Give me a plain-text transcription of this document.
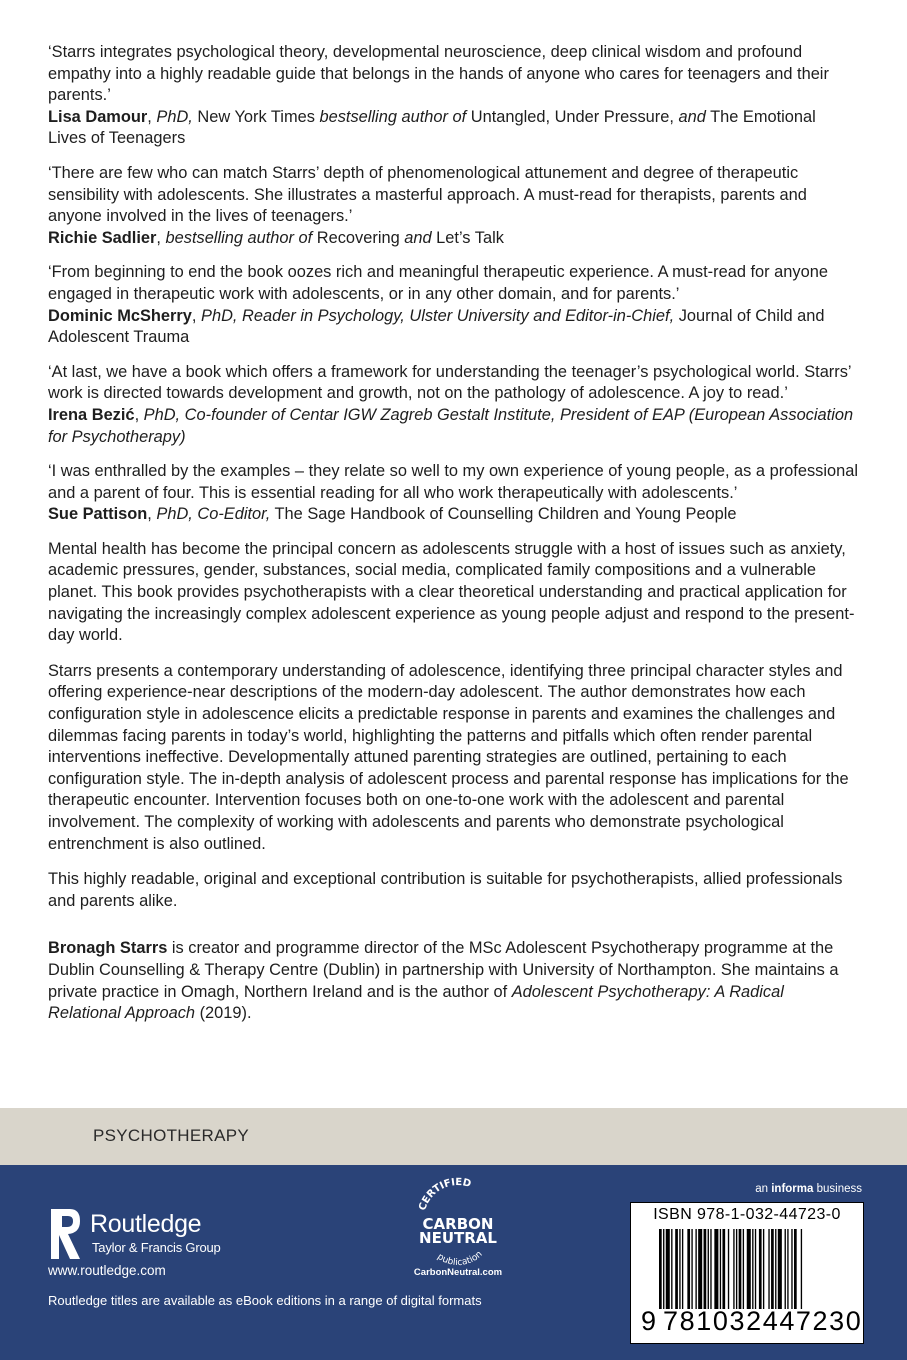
‘Starrs integrates psychological theory, developmental neuroscience, deep clinical wisdom and profound empathy into a highly readable guide that belongs in the hands of anyone who cares for teenagers and their parents.’
Lisa Damour, PhD, New York Times bestselling author of Untangled, Under Pressure, and The Emotional Lives of Teenagers

‘There are few who can match Starrs’ depth of phenomenological attunement and degree of therapeutic sensibility with adolescents. She illustrates a masterful approach. A must-read for therapists, parents and anyone involved in the lives of teenagers.’
Richie Sadlier, bestselling author of Recovering and Let’s Talk

‘From beginning to end the book oozes rich and meaningful therapeutic experience. A must-read for anyone engaged in therapeutic work with adolescents, or in any other domain, and for parents.’
Dominic McSherry, PhD, Reader in Psychology, Ulster University and Editor-in-Chief, Journal of Child and Adolescent Trauma

‘At last, we have a book which offers a framework for understanding the teenager’s psychological world. Starrs’ work is directed towards development and growth, not on the pathology of adolescence. A joy to read.’
Irena Bezić, PhD, Co-founder of Centar IGW Zagreb Gestalt Institute, President of EAP (European Association for Psychotherapy)

‘I was enthralled by the examples – they relate so well to my own experience of young people, as a professional and a parent of four. This is essential reading for all who work therapeutically with adolescents.’
Sue Pattison, PhD, Co-Editor, The Sage Handbook of Counselling Children and Young People

Mental health has become the principal concern as adolescents struggle with a host of issues such as anxiety, academic pressures, gender, substances, social media, complicated family compositions and a vulnerable planet. This book provides psychotherapists with a clear theoretical understanding and practical application for navigating the increasingly complex adolescent experience as young people adjust and respond to the present-day world.

Starrs presents a contemporary understanding of adolescence, identifying three principal character styles and offering experience-near descriptions of the modern-day adolescent. The author demonstrates how each configuration style in adolescence elicits a predictable response in parents and examines the challenges and dilemmas facing parents in today’s world, highlighting the patterns and pitfalls which often render parental interventions ineffective. Developmentally attuned parenting strategies are outlined, pertaining to each configuration style. The in-depth analysis of adolescent process and parental response has implications for the therapeutic encounter. Intervention focuses both on one-to-one work with the adolescent and parental involvement. The complexity of working with adolescents and parents who demonstrate psychological entrenchment is also outlined.

This highly readable, original and exceptional contribution is suitable for psychotherapists, allied professionals and parents alike.

Bronagh Starrs is creator and programme director of the MSc Adolescent Psychotherapy programme at the Dublin Counselling & Therapy Centre (Dublin) in partnership with University of Northampton. She maintains a private practice in Omagh, Northern Ireland and is the author of Adolescent Psychotherapy: A Radical Relational Approach (2019).

PSYCHOTHERAPY
Routledge
Taylor & Francis Group
www.routledge.com
Routledge titles are available as eBook editions in a range of digital formats
CERTIFIED
CARBON
NEUTRAL
publication
CarbonNeutral.com
an informa business
ISBN 978-1-032-44723-0
9 781032447230
